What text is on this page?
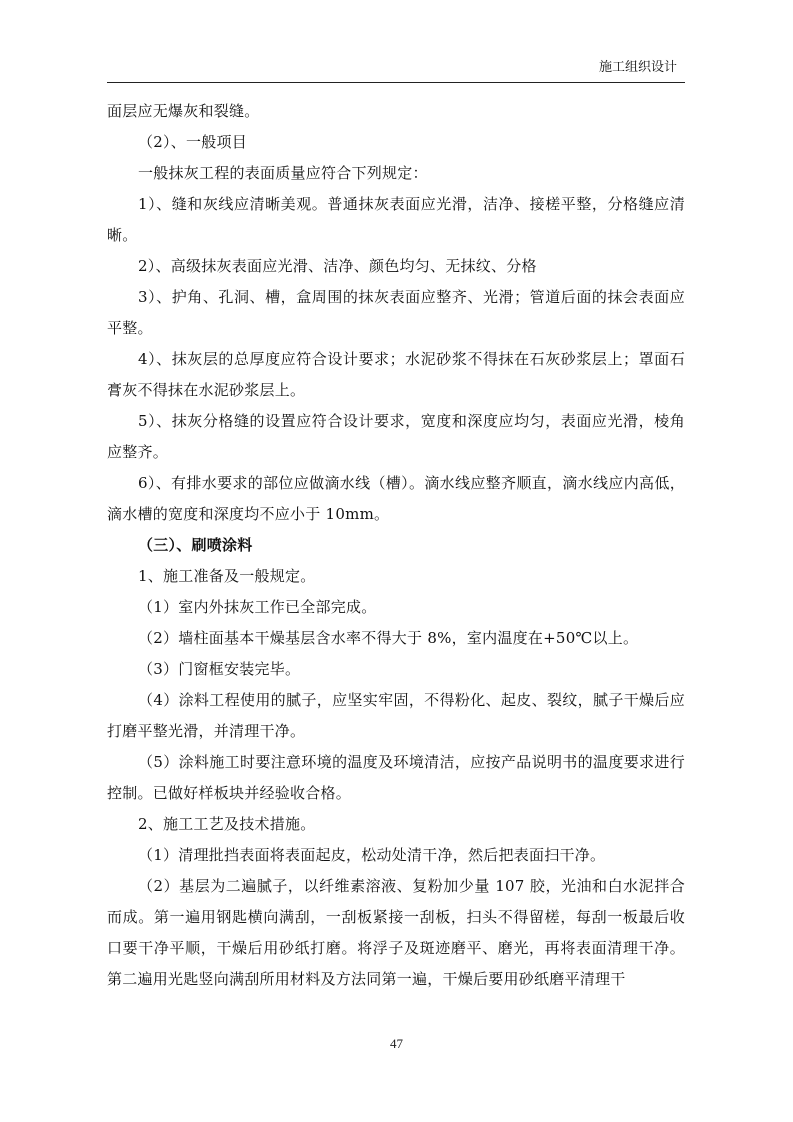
施工组织设计

面层应无爆灰和裂缝。

（2）、一般项目

一般抹灰工程的表面质量应符合下列规定：

1）、缝和灰线应清晰美观。普通抹灰表面应光滑，洁净、接槎平整，分格缝应清晰。

2）、高级抹灰表面应光滑、洁净、颜色均匀、无抹纹、分格

3）、护角、孔洞、槽，盒周围的抹灰表面应整齐、光滑；管道后面的抹会表面应平整。

4）、抹灰层的总厚度应符合设计要求；水泥砂浆不得抹在石灰砂浆层上；罩面石膏灰不得抹在水泥砂浆层上。

5）、抹灰分格缝的设置应符合设计要求，宽度和深度应均匀，表面应光滑，棱角应整齐。

6）、有排水要求的部位应做滴水线（槽）。滴水线应整齐顺直，滴水线应内高低，滴水槽的宽度和深度均不应小于 10mm。

（三）、刷喷涂料

1、施工准备及一般规定。

（1）室内外抹灰工作已全部完成。

（2）墙柱面基本干燥基层含水率不得大于 8%，室内温度在+50℃以上。

（3）门窗框安装完毕。

（4）涂料工程使用的腻子，应坚实牢固，不得粉化、起皮、裂纹，腻子干燥后应打磨平整光滑，并清理干净。

（5）涂料施工时要注意环境的温度及环境清洁，应按产品说明书的温度要求进行控制。已做好样板块并经验收合格。

2、施工工艺及技术措施。

（1）清理批挡表面将表面起皮，松动处清干净，然后把表面扫干净。

（2）基层为二遍腻子，以纤维素溶液、复粉加少量 107 胶，光油和白水泥拌合而成。第一遍用钢匙横向满刮，一刮板紧接一刮板，扫头不得留槎，每刮一板最后收口要干净平顺，干燥后用砂纸打磨。将浮子及斑迹磨平、磨光，再将表面清理干净。第二遍用光匙竖向满刮所用材料及方法同第一遍，干燥后要用砂纸磨平清理干

47
